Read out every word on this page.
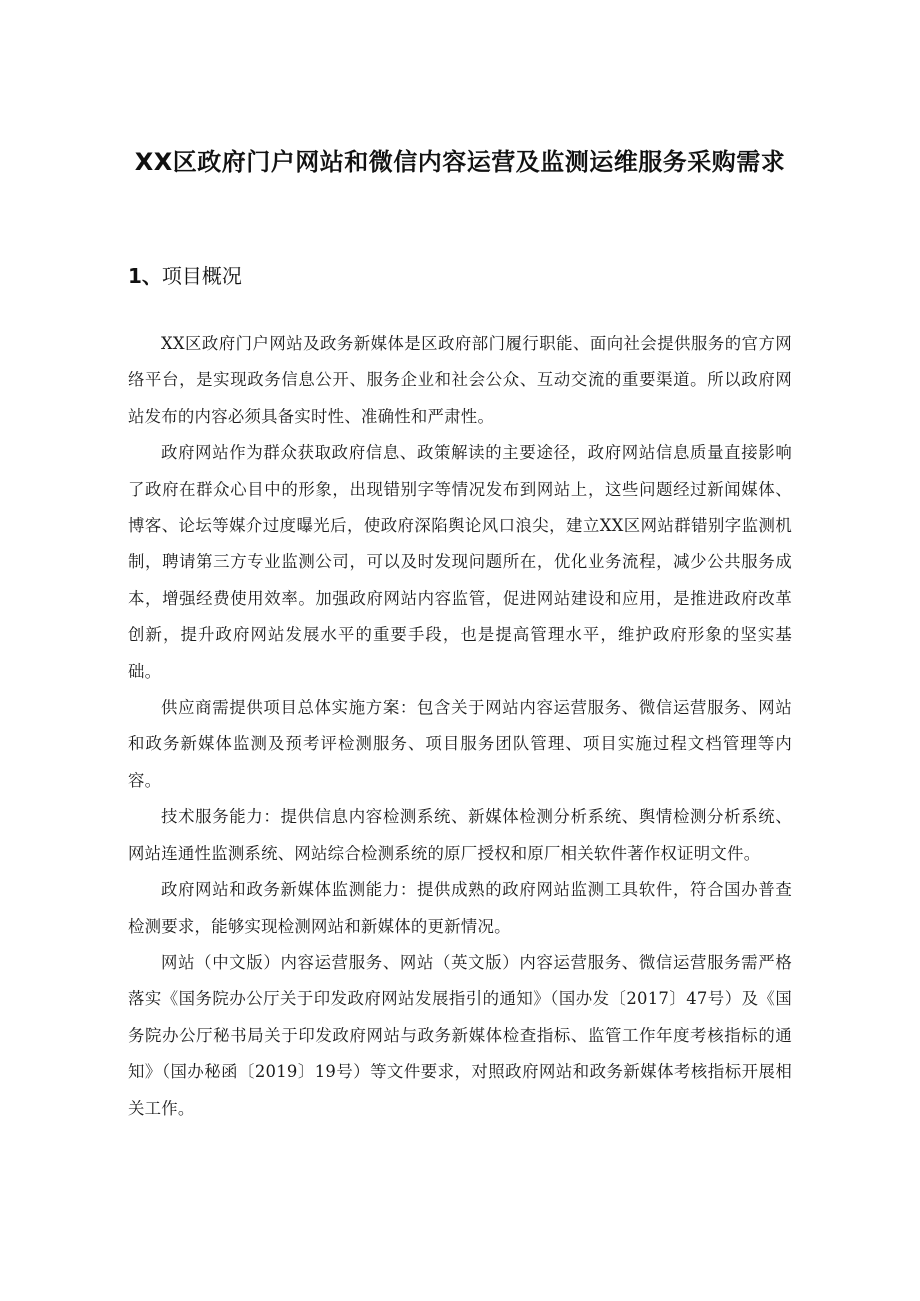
XX区政府门户网站和微信内容运营及监测运维服务采购需求
1、项目概况

XX区政府门户网站及政务新媒体是区政府部门履行职能、面向社会提供服务的官方网络平台，是实现政务信息公开、服务企业和社会公众、互动交流的重要渠道。所以政府网站发布的内容必须具备实时性、准确性和严肃性。

政府网站作为群众获取政府信息、政策解读的主要途径，政府网站信息质量直接影响了政府在群众心目中的形象，出现错别字等情况发布到网站上，这些问题经过新闻媒体、博客、论坛等媒介过度曝光后，使政府深陷舆论风口浪尖，建立XX区网站群错别字监测机制，聘请第三方专业监测公司，可以及时发现问题所在，优化业务流程，减少公共服务成本，增强经费使用效率。加强政府网站内容监管，促进网站建设和应用，是推进政府改革创新，提升政府网站发展水平的重要手段，也是提高管理水平，维护政府形象的坚实基础。

供应商需提供项目总体实施方案：包含关于网站内容运营服务、微信运营服务、网站和政务新媒体监测及预考评检测服务、项目服务团队管理、项目实施过程文档管理等内容。

技术服务能力：提供信息内容检测系统、新媒体检测分析系统、舆情检测分析系统、网站连通性监测系统、网站综合检测系统的原厂授权和原厂相关软件著作权证明文件。

政府网站和政务新媒体监测能力：提供成熟的政府网站监测工具软件，符合国办普查检测要求，能够实现检测网站和新媒体的更新情况。

网站（中文版）内容运营服务、网站（英文版）内容运营服务、微信运营服务需严格落实《国务院办公厅关于印发政府网站发展指引的通知》（国办发〔2017〕47号）及《国务院办公厅秘书局关于印发政府网站与政务新媒体检查指标、监管工作年度考核指标的通知》（国办秘函〔2019〕19号）等文件要求，对照政府网站和政务新媒体考核指标开展相关工作。
